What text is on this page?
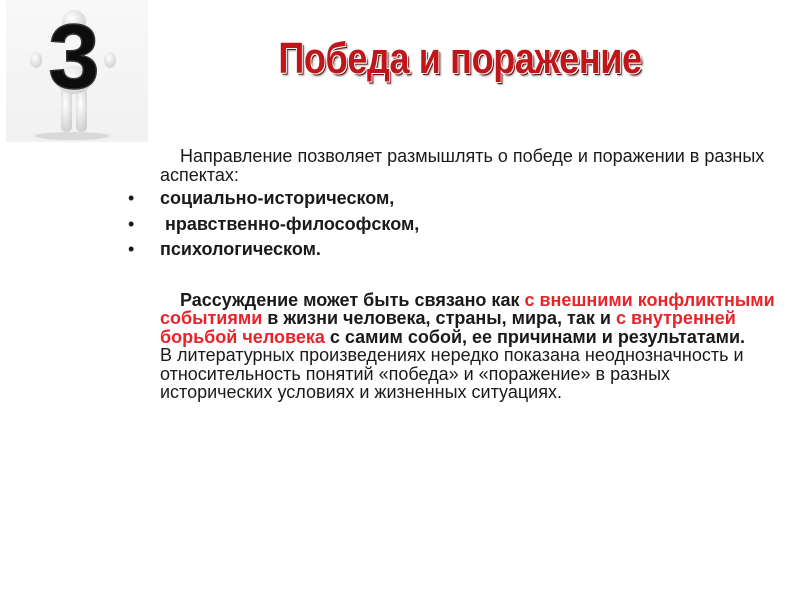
3	Победа и поражение

Направление позволяет размышлять о победе и поражении в разных аспектах:

• социально-историческом,
•  нравственно-философском,
• психологическом.

Рассуждение может быть связано как с внешними конфликтными событиями в жизни человека, страны, мира, так и с внутренней борьбой человека с самим собой, ее причинами и результатами.

В литературных произведениях нередко показана неоднозначность и относительность понятий «победа» и «поражение» в разных исторических условиях и жизненных ситуациях.
